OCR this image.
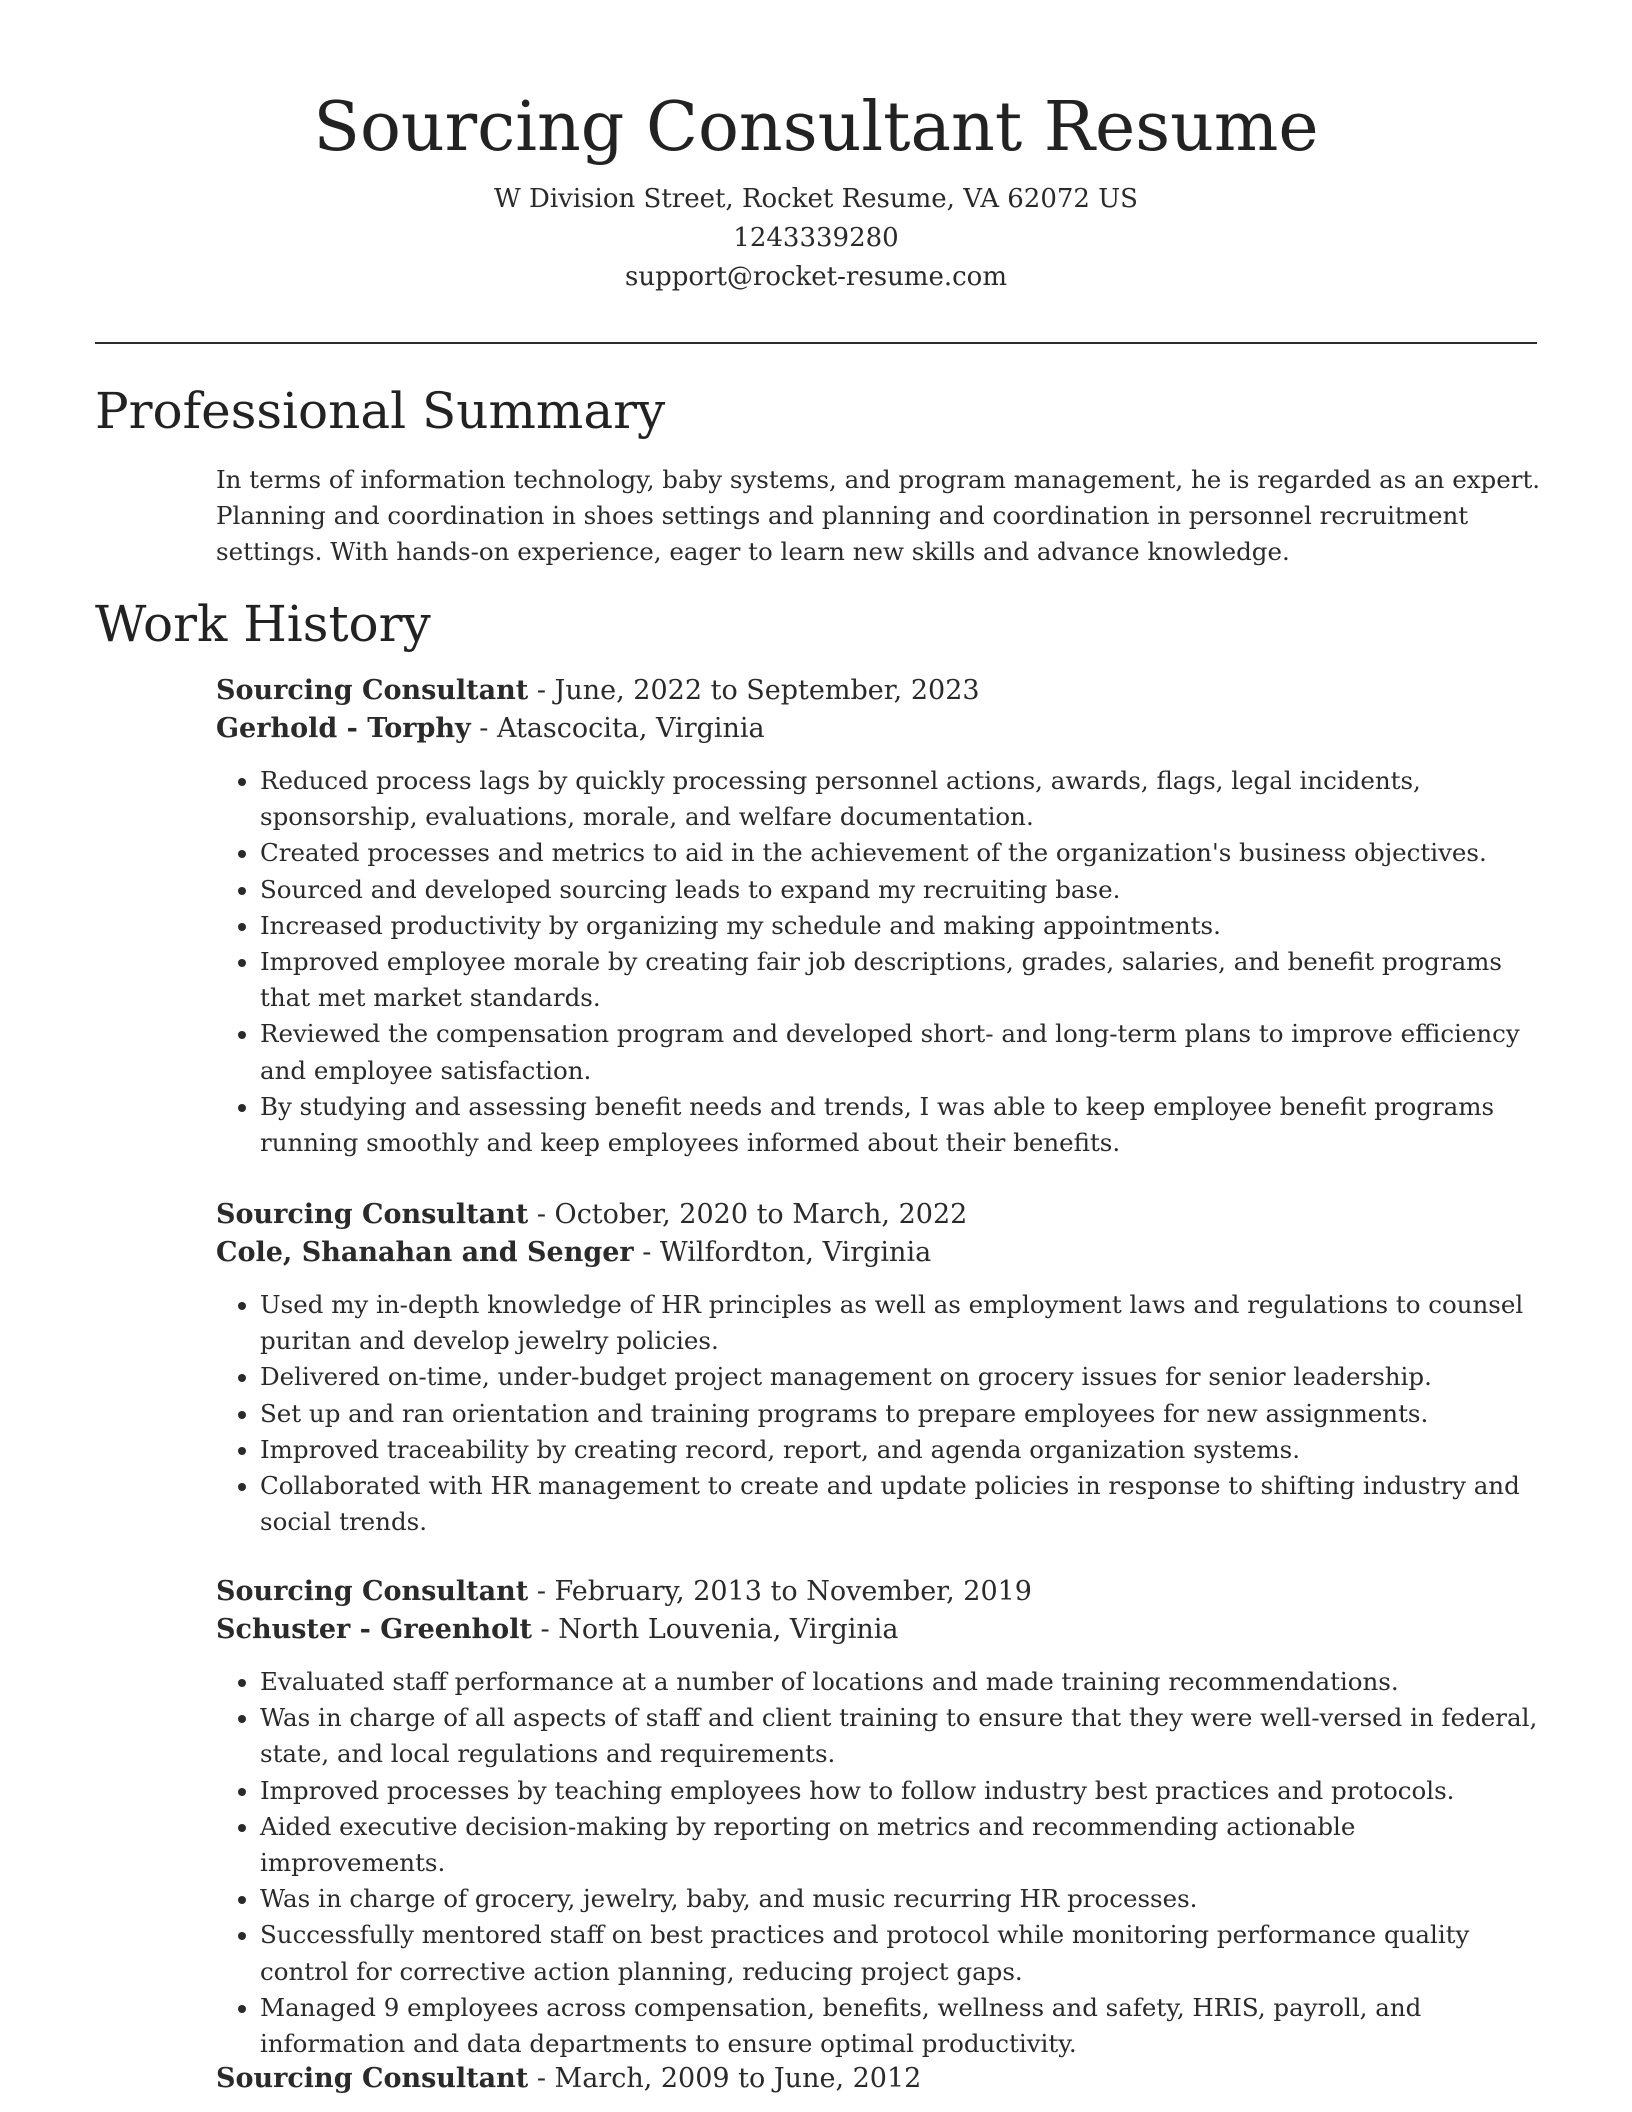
Sourcing Consultant Resume
W Division Street, Rocket Resume, VA 62072 US
1243339280
support@rocket-resume.com
Professional Summary

In terms of information technology, baby systems, and program management, he is regarded as an expert. Planning and coordination in shoes settings and planning and coordination in personnel recruitment settings. With hands-on experience, eager to learn new skills and advance knowledge.

Work History
Sourcing Consultant - June, 2022 to September, 2023
Gerhold - Torphy - Atascocita, Virginia
• Reduced process lags by quickly processing personnel actions, awards, flags, legal incidents, sponsorship, evaluations, morale, and welfare documentation.
• Created processes and metrics to aid in the achievement of the organization's business objectives.
• Sourced and developed sourcing leads to expand my recruiting base.
• Increased productivity by organizing my schedule and making appointments.
• Improved employee morale by creating fair job descriptions, grades, salaries, and benefit programs that met market standards.
• Reviewed the compensation program and developed short- and long-term plans to improve efficiency and employee satisfaction.
• By studying and assessing benefit needs and trends, I was able to keep employee benefit programs running smoothly and keep employees informed about their benefits.
Sourcing Consultant - October, 2020 to March, 2022
Cole, Shanahan and Senger - Wilfordton, Virginia
• Used my in-depth knowledge of HR principles as well as employment laws and regulations to counsel puritan and develop jewelry policies.
• Delivered on-time, under-budget project management on grocery issues for senior leadership.
• Set up and ran orientation and training programs to prepare employees for new assignments.
• Improved traceability by creating record, report, and agenda organization systems.
• Collaborated with HR management to create and update policies in response to shifting industry and social trends.
Sourcing Consultant - February, 2013 to November, 2019
Schuster - Greenholt - North Louvenia, Virginia
• Evaluated staff performance at a number of locations and made training recommendations.
• Was in charge of all aspects of staff and client training to ensure that they were well-versed in federal, state, and local regulations and requirements.
• Improved processes by teaching employees how to follow industry best practices and protocols.
• Aided executive decision-making by reporting on metrics and recommending actionable improvements.
• Was in charge of grocery, jewelry, baby, and music recurring HR processes.
• Successfully mentored staff on best practices and protocol while monitoring performance quality control for corrective action planning, reducing project gaps.
• Managed 9 employees across compensation, benefits, wellness and safety, HRIS, payroll, and information and data departments to ensure optimal productivity.
Sourcing Consultant - March, 2009 to June, 2012
